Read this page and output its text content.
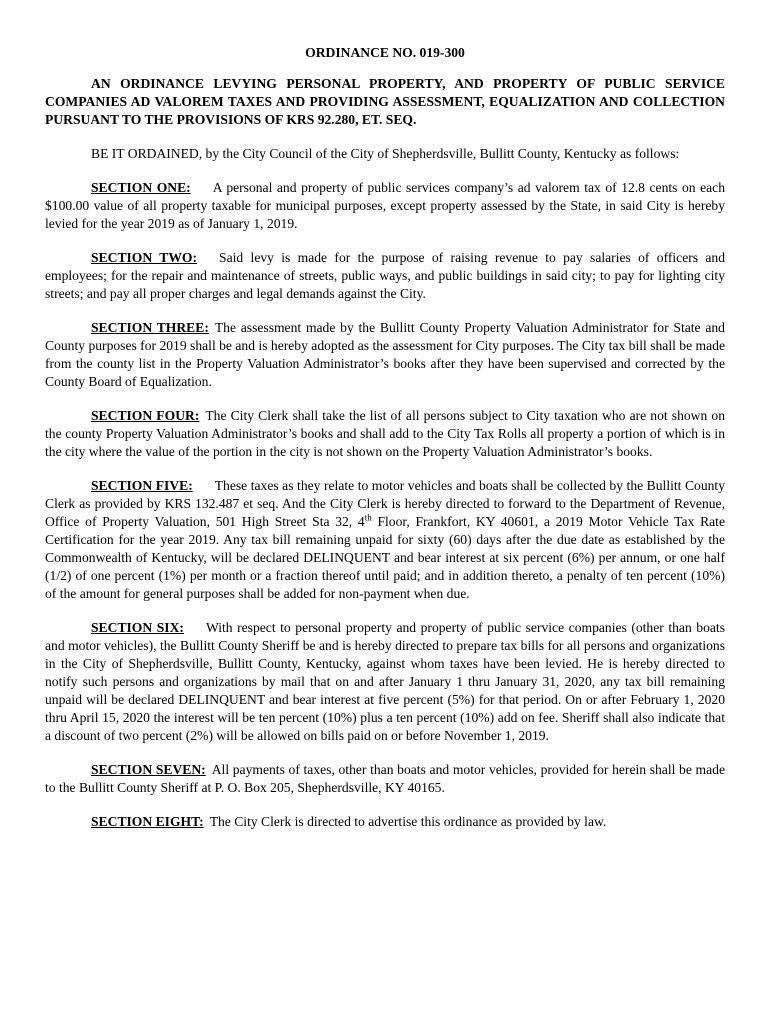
ORDINANCE NO. 019-300
AN ORDINANCE LEVYING PERSONAL PROPERTY, AND PROPERTY OF PUBLIC SERVICE COMPANIES AD VALOREM TAXES AND PROVIDING ASSESSMENT, EQUALIZATION AND COLLECTION PURSUANT TO THE PROVISIONS OF KRS 92.280, ET. SEQ.

BE IT ORDAINED, by the City Council of the City of Shepherdsville, Bullitt County, Kentucky as follows:

SECTION ONE: A personal and property of public services company’s ad valorem tax of 12.8 cents on each $100.00 value of all property taxable for municipal purposes, except property assessed by the State, in said City is hereby levied for the year 2019 as of January 1, 2019.

SECTION TWO: Said levy is made for the purpose of raising revenue to pay salaries of officers and employees; for the repair and maintenance of streets, public ways, and public buildings in said city; to pay for lighting city streets; and pay all proper charges and legal demands against the City.

SECTION THREE: The assessment made by the Bullitt County Property Valuation Administrator for State and County purposes for 2019 shall be and is hereby adopted as the assessment for City purposes. The City tax bill shall be made from the county list in the Property Valuation Administrator’s books after they have been supervised and corrected by the County Board of Equalization.

SECTION FOUR: The City Clerk shall take the list of all persons subject to City taxation who are not shown on the county Property Valuation Administrator’s books and shall add to the City Tax Rolls all property a portion of which is in the city where the value of the portion in the city is not shown on the Property Valuation Administrator’s books.

SECTION FIVE: These taxes as they relate to motor vehicles and boats shall be collected by the Bullitt County Clerk as provided by KRS 132.487 et seq. And the City Clerk is hereby directed to forward to the Department of Revenue, Office of Property Valuation, 501 High Street Sta 32, 4th Floor, Frankfort, KY 40601, a 2019 Motor Vehicle Tax Rate Certification for the year 2019. Any tax bill remaining unpaid for sixty (60) days after the due date as established by the Commonwealth of Kentucky, will be declared DELINQUENT and bear interest at six percent (6%) per annum, or one half (1/2) of one percent (1%) per month or a fraction thereof until paid; and in addition thereto, a penalty of ten percent (10%) of the amount for general purposes shall be added for non-payment when due.

SECTION SIX: With respect to personal property and property of public service companies (other than boats and motor vehicles), the Bullitt County Sheriff be and is hereby directed to prepare tax bills for all persons and organizations in the City of Shepherdsville, Bullitt County, Kentucky, against whom taxes have been levied. He is hereby directed to notify such persons and organizations by mail that on and after January 1 thru January 31, 2020, any tax bill remaining unpaid will be declared DELINQUENT and bear interest at five percent (5%) for that period. On or after February 1, 2020 thru April 15, 2020 the interest will be ten percent (10%) plus a ten percent (10%) add on fee. Sheriff shall also indicate that a discount of two percent (2%) will be allowed on bills paid on or before November 1, 2019.

SECTION SEVEN: All payments of taxes, other than boats and motor vehicles, provided for herein shall be made to the Bullitt County Sheriff at P. O. Box 205, Shepherdsville, KY 40165.

SECTION EIGHT: The City Clerk is directed to advertise this ordinance as provided by law.
